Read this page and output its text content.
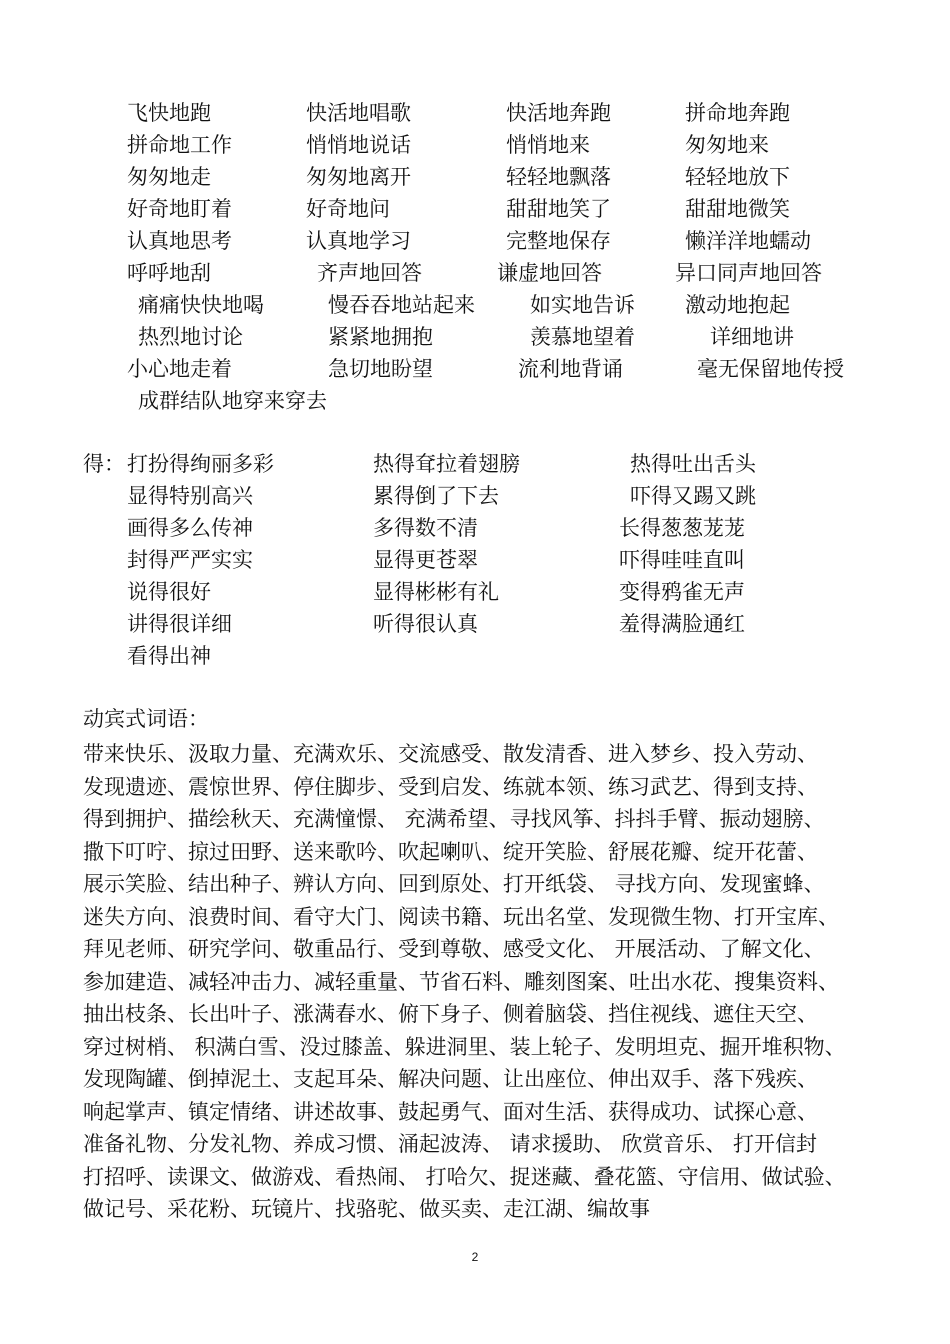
飞快地跑	快活地唱歌	快活地奔跑	拼命地奔跑
拼命地工作	悄悄地说话	悄悄地来	匆匆地来
匆匆地走	匆匆地离开	轻轻地飘落	轻轻地放下
好奇地盯着	好奇地问	甜甜地笑了	甜甜地微笑
认真地思考	认真地学习	完整地保存	懒洋洋地蠕动
呼呼地刮	齐声地回答	谦虚地回答	异口同声地回答
痛痛快快地喝	慢吞吞地站起来	如实地告诉 激动地抱起
热烈地讨论	紧紧地拥抱	羡慕地望着	详细地讲
小心地走着	急切地盼望	流利地背诵	毫无保留地传授
成群结队地穿来穿去
得： 打扮得绚丽多彩	热得耷拉着翅膀	热得吐出舌头
显得特别高兴	累得倒了下去	吓得又踢又跳
画得多么传神	多得数不清	长得葱葱茏茏
封得严严实实	显得更苍翠	吓得哇哇直叫
说得很好	显得彬彬有礼	变得鸦雀无声
讲得很详细	听得很认真	羞得满脸通红
看得出神
动宾式词语：
带来快乐、汲取力量、充满欢乐、交流感受、散发清香、进入梦乡、投入劳动、
发现遗迹、震惊世界、停住脚步、受到启发、练就本领、练习武艺、得到支持、
得到拥护、描绘秋天、充满憧憬、 充满希望、寻找风筝、抖抖手臂、振动翅膀、
撒下叮咛、掠过田野、送来歌吟、吹起喇叭、绽开笑脸、舒展花瓣、绽开花蕾、
展示笑脸、结出种子、辨认方向、回到原处、打开纸袋、 寻找方向、发现蜜蜂、
迷失方向、浪费时间、看守大门、阅读书籍、玩出名堂、发现微生物、打开宝库、
拜见老师、研究学问、敬重品行、受到尊敬、感受文化、 开展活动、了解文化、
参加建造、减轻冲击力、减轻重量、节省石料、雕刻图案、吐出水花、搜集资料、
抽出枝条、长出叶子、涨满春水、俯下身子、侧着脑袋、挡住视线、遮住天空、
穿过树梢、 积满白雪、没过膝盖、躲进洞里、装上轮子、发明坦克、掘开堆积物、
发现陶罐、倒掉泥土、支起耳朵、解决问题、让出座位、伸出双手、落下残疾、
响起掌声、镇定情绪、讲述故事、鼓起勇气、面对生活、获得成功、试探心意、
准备礼物、分发礼物、养成习惯、涌起波涛、 请求援助、 欣赏音乐、 打开信封
打招呼、读课文、做游戏、看热闹、 打哈欠、捉迷藏、叠花篮、守信用、做试验、
做记号、采花粉、玩镜片、找骆驼、做买卖、走江湖、编故事
2
